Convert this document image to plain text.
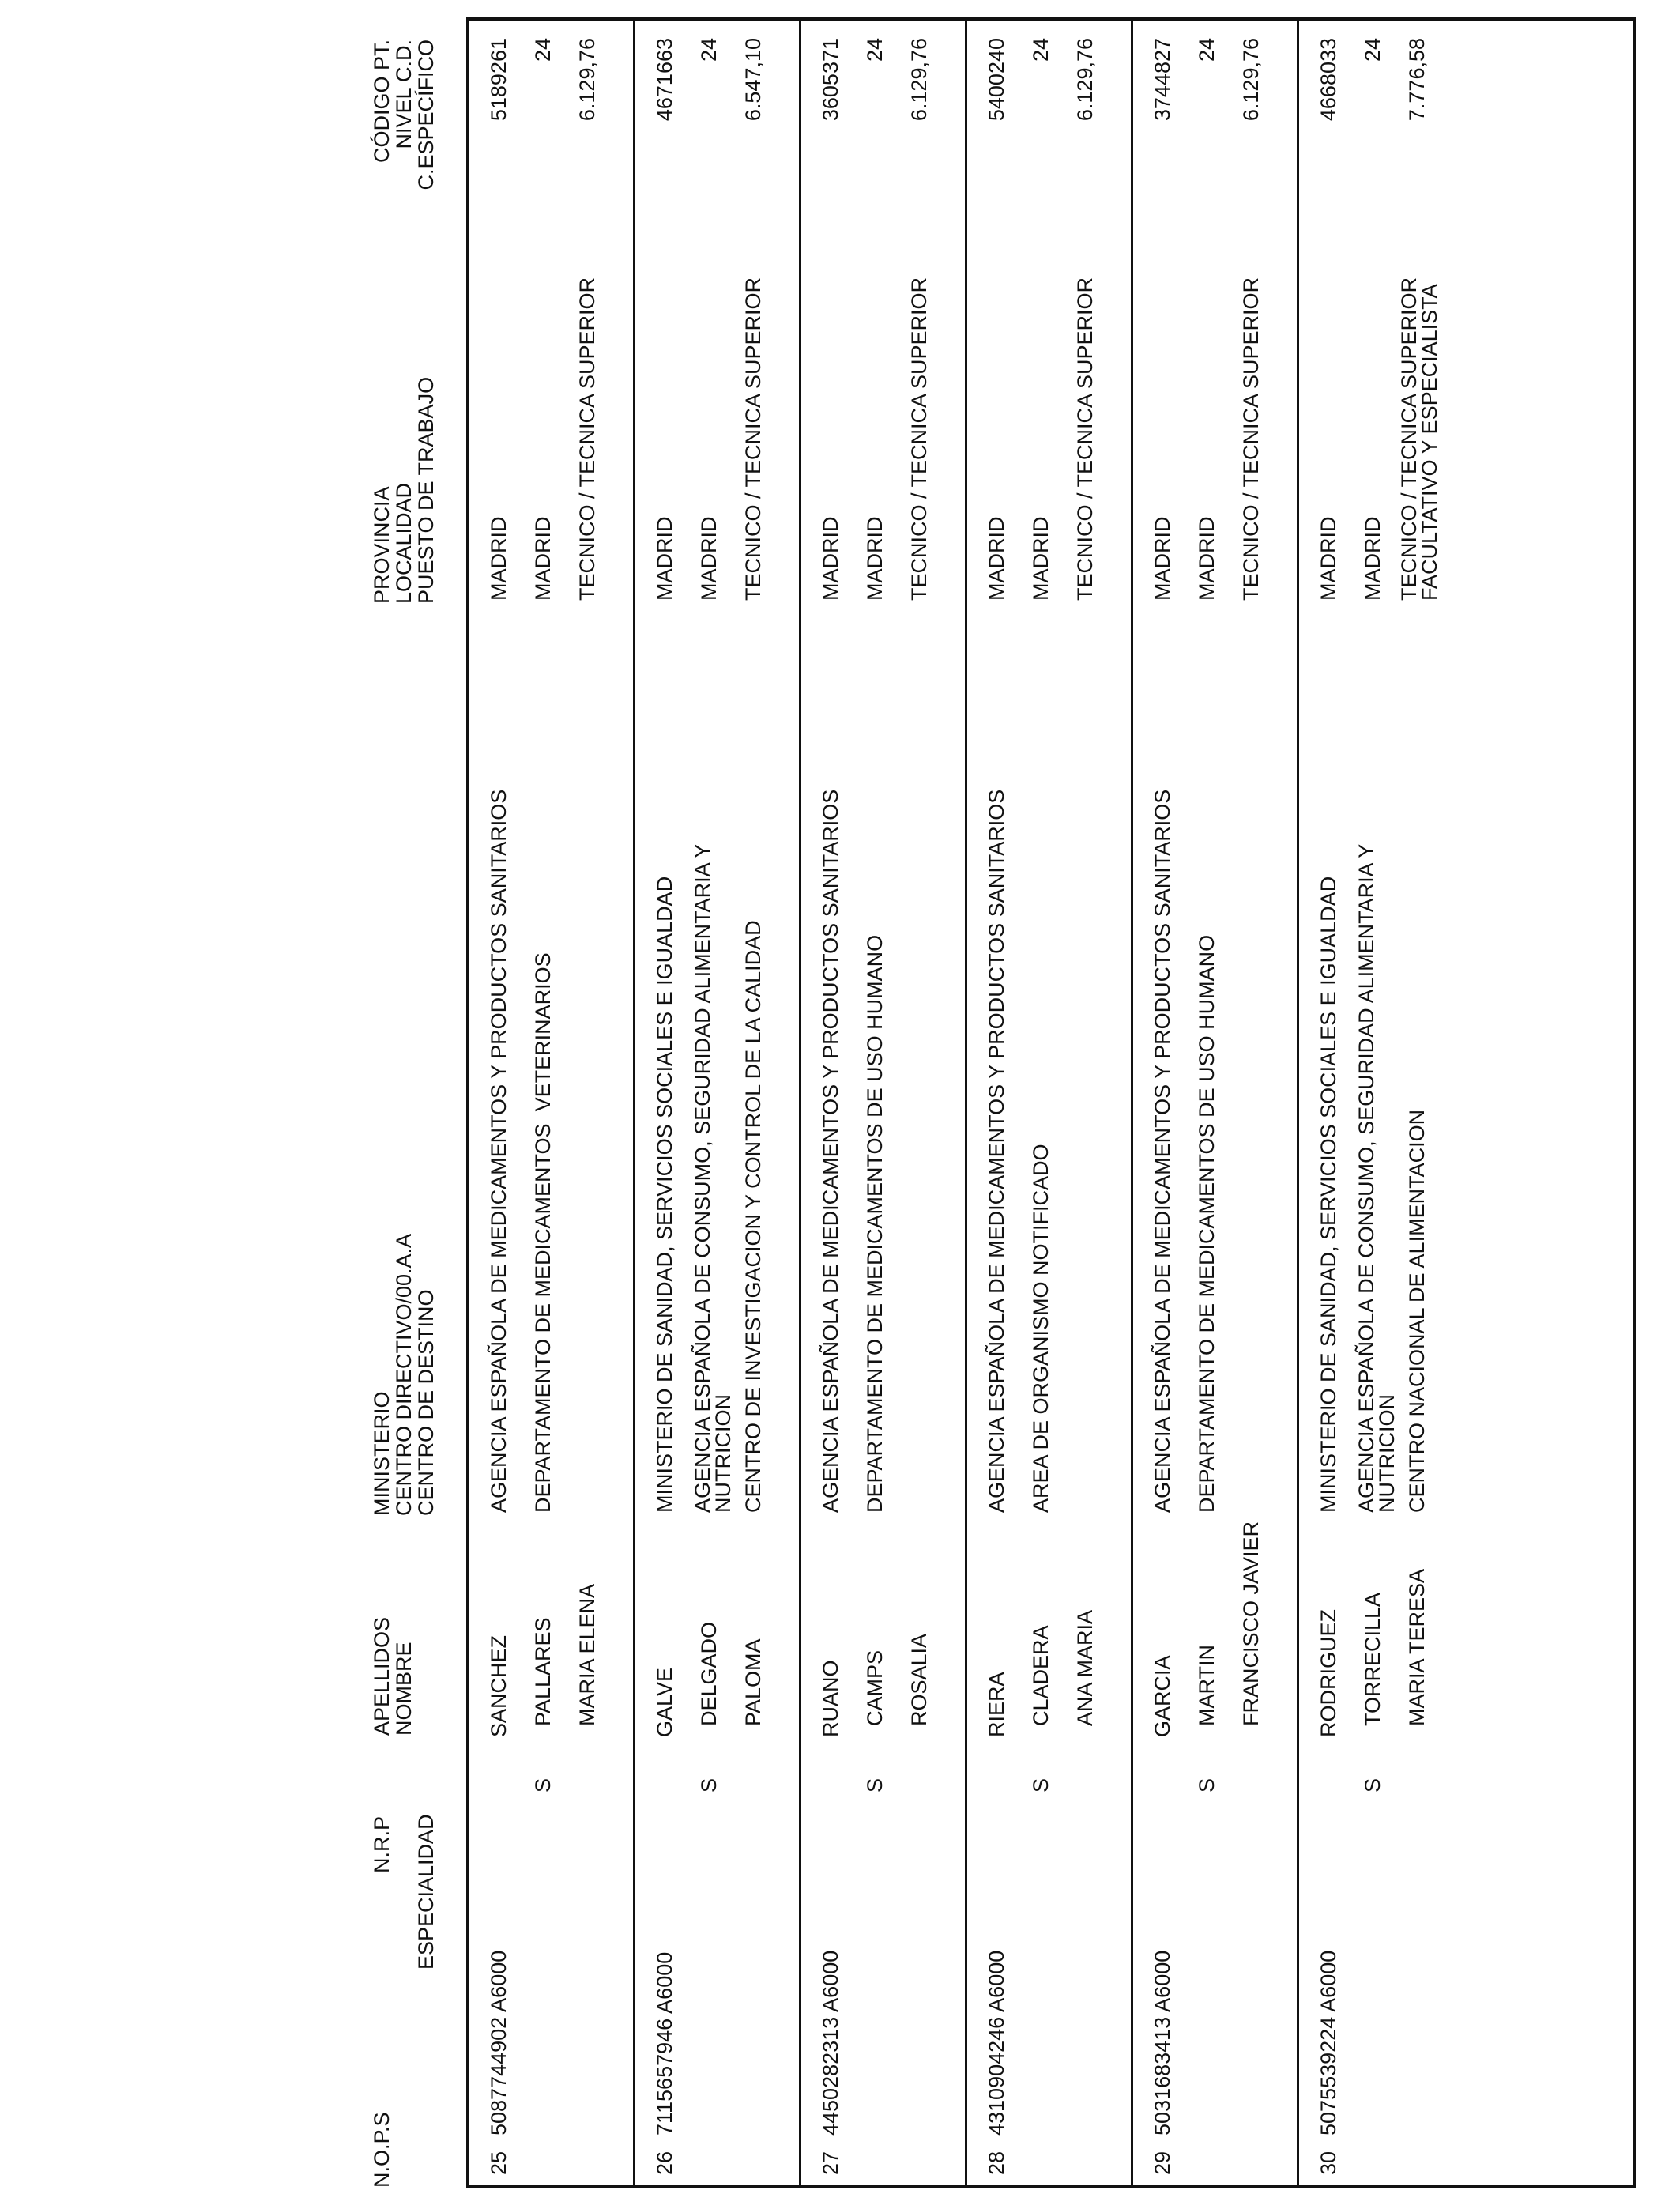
N.O.P.S
N.R.P ESPECIALIDAD
APELLIDOS
NOMBRE
MINISTERIO
CENTRO DIRECTIVO/00.A.A
CENTRO DE DESTINO
PROVINCIA
LOCALIDAD
PUESTO DE TRABAJO
CÓDIGO PT.
NIVEL C.D.
C.ESPECÍFICO
25
5087744902 A6000
S
SANCHEZ PALLARES MARIA ELENA
AGENCIA ESPAÑOLA DE MEDICAMENTOS Y PRODUCTOS SANITARIOS DEPARTAMENTO DE MEDICAMENTOS  VETERINARIOS
MADRID MADRID TECNICO / TECNICA SUPERIOR
5189261 24 6.129,76
26
7115657946 A6000
S
GALVE DELGADO PALOMA
MINISTERIO DE SANIDAD, SERVICIOS SOCIALES E IGUALDAD AGENCIA ESPAÑOLA DE CONSUMO, SEGURIDAD ALIMENTARIA Y
NUTRICION CENTRO DE INVESTIGACION Y CONTROL DE LA CALIDAD
MADRID MADRID TECNICO / TECNICA SUPERIOR
4671663 24 6.547,10
27
4450282313 A6000
S
RUANO CAMPS ROSALIA
AGENCIA ESPAÑOLA DE MEDICAMENTOS Y PRODUCTOS SANITARIOS DEPARTAMENTO DE MEDICAMENTOS DE USO HUMANO
MADRID MADRID TECNICO / TECNICA SUPERIOR
3605371 24 6.129,76
28
4310904246 A6000
S
RIERA CLADERA ANA MARIA
AGENCIA ESPAÑOLA DE MEDICAMENTOS Y PRODUCTOS SANITARIOS AREA DE ORGANISMO NOTIFICADO
MADRID MADRID TECNICO / TECNICA SUPERIOR
5400240 24 6.129,76
29
5031683413 A6000
S
GARCIA MARTIN FRANCISCO JAVIER
AGENCIA ESPAÑOLA DE MEDICAMENTOS Y PRODUCTOS SANITARIOS DEPARTAMENTO DE MEDICAMENTOS DE USO HUMANO
MADRID MADRID TECNICO / TECNICA SUPERIOR
3744827 24 6.129,76
30
5075539224 A6000
S
RODRIGUEZ TORRECILLA MARIA TERESA
MINISTERIO DE SANIDAD, SERVICIOS SOCIALES E IGUALDAD AGENCIA ESPAÑOLA DE CONSUMO, SEGURIDAD ALIMENTARIA Y
NUTRICION CENTRO NACIONAL DE ALIMENTACION
MADRID MADRID TECNICO / TECNICA SUPERIOR
FACULTATIVO Y ESPECIALISTA
4668033 24 7.776,58
